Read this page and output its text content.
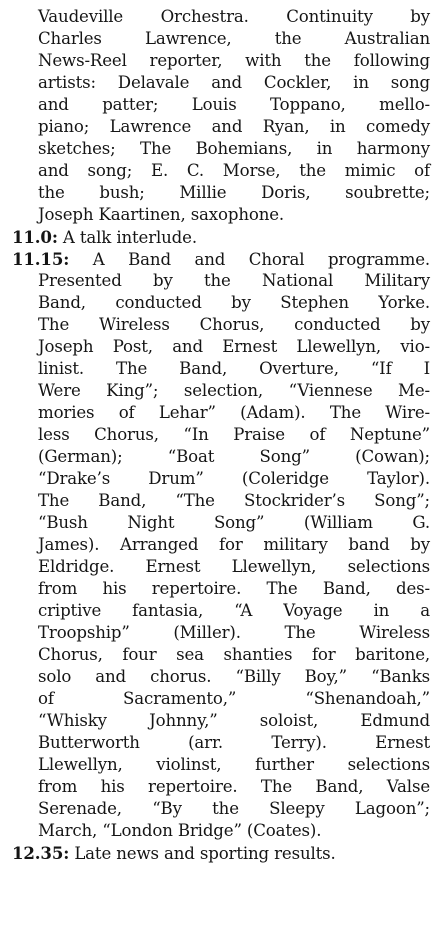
Vaudeville Orchestra. Continuity by
Charles Lawrence, the Australian
News-Reel reporter, with the following
artists: Delavale and Cockler, in song
and patter; Louis Toppano, mello-
piano; Lawrence and Ryan, in comedy
sketches; The Bohemians, in harmony
and song; E. C. Morse, the mimic of
the bush; Millie Doris, soubrette;
Joseph Kaartinen, saxophone.
11.0: A talk interlude.
11.15: A Band and Choral programme.
Presented by the National Military
Band, conducted by Stephen Yorke.
The Wireless Chorus, conducted by
Joseph Post, and Ernest Llewellyn, vio-
linist. The Band, Overture, “If I
Were King”; selection, “Viennese Me-
mories of Lehar” (Adam). The Wire-
less Chorus, “In Praise of Neptune”
(German); “Boat Song” (Cowan);
“Drake’s Drum” (Coleridge Taylor).
The Band, “The Stockrider’s Song”;
“Bush Night Song” (William G.
James). Arranged for military band by
Eldridge. Ernest Llewellyn, selections
from his repertoire. The Band, des-
criptive fantasia, “A Voyage in a
Troopship” (Miller). The Wireless
Chorus, four sea shanties for baritone,
solo and chorus. “Billy Boy,” “Banks
of Sacramento,” “Shenandoah,”
“Whisky Johnny,” soloist, Edmund
Butterworth (arr. Terry). Ernest
Llewellyn, violinst, further selections
from his repertoire. The Band, Valse
Serenade, “By the Sleepy Lagoon”;
March, “London Bridge” (Coates).
12.35: Late news and sporting results.
